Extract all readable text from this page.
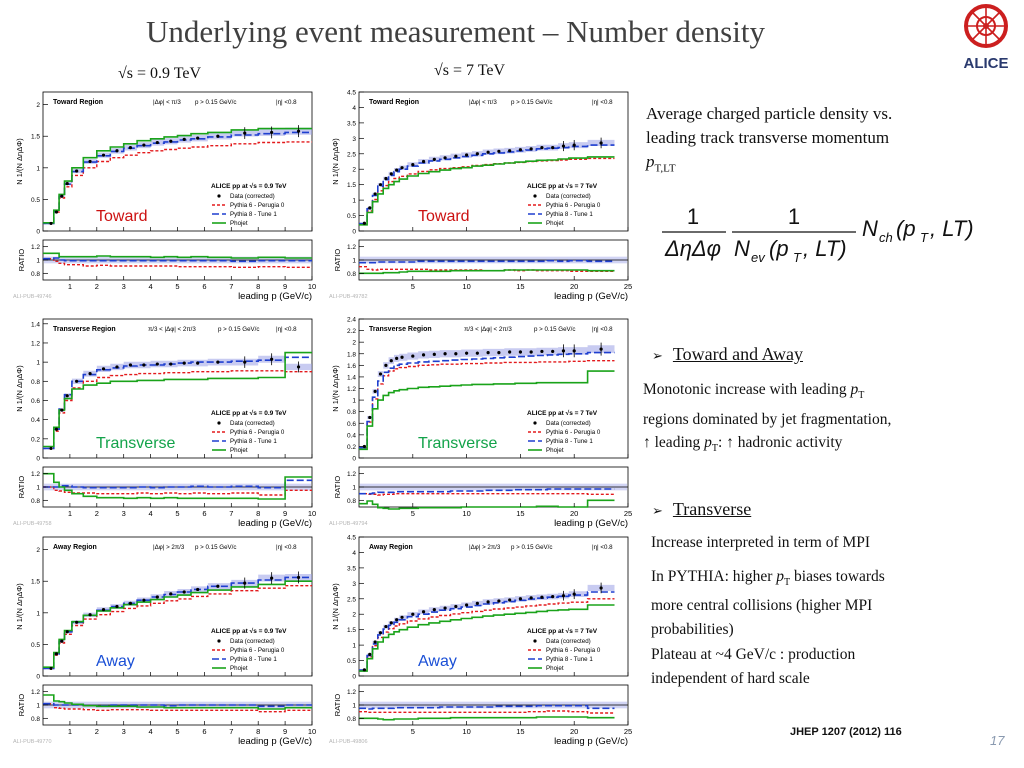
Underlying event measurement – Number density
ALICE
√s = 0.9 TeV	√s = 7 TeV
1	2	3	4	5	6	7	8	9	10
0
0.5
1
1.5
2
0.8
1
1.2
N 1/(N ΔηΔΦ)
RATIO
leading p (GeV/c)
ALI-PUB-49746
Toward Region	|Δφ| < π/3 p > 0.15 GeV/c	|η| <0.8
ALICE pp at √s = 0.9 TeV
Data (corrected)
Pythia 6 - Perugia 0
Pythia 8 - Tune 1
Phojet
Toward
5	10	15	20	25
0
0.5
1
1.5
2
2.5
3
3.5
4
4.5
0.8
1
1.2
N 1/(N ΔηΔΦ)
RATIO
leading p (GeV/c)
ALI-PUB-49782
Toward Region	|Δφ| < π/3 p > 0.15 GeV/c	|η| <0.8
ALICE pp at √s = 7 TeV
Data (corrected)
Pythia 6 - Perugia 0
Pythia 8 - Tune 1
Phojet
Toward
1	2	3	4	5	6	7	8	9	10
0
0.2
0.4
0.6
0.8
1
1.2
1.4
0.8
1
1.2
N 1/(N ΔηΔΦ)
RATIO
leading p (GeV/c)
ALI-PUB-49758
Transverse Region	π/3 < |Δφ| < 2π/3	p > 0.15 GeV/c	|η| <0.8
ALICE pp at √s = 0.9 TeV
Data (corrected)
Pythia 6 - Perugia 0
Pythia 8 - Tune 1
Phojet
Transverse
5	10	15	20	25
0
0.2
0.4
0.6
0.8
1
1.2
1.4
1.6
1.8
2
2.2
2.4
0.8
1
1.2
N 1/(N ΔηΔΦ)
RATIO
leading p (GeV/c)
ALI-PUB-49794
Transverse Region	π/3 < |Δφ| < 2π/3	p > 0.15 GeV/c	|η| <0.8
ALICE pp at √s = 7 TeV
Data (corrected)
Pythia 6 - Perugia 0
Pythia 8 - Tune 1
Phojet
Transverse
1	2	3	4	5	6	7	8	9	10
0
0.5
1
1.5
2
0.8
1
1.2
N 1/(N ΔηΔΦ)
RATIO
leading p (GeV/c)
ALI-PUB-49770
Away Region	|Δφ| > 2π/3 p > 0.15 GeV/c	|η| <0.8
ALICE pp at √s = 0.9 TeV
Data (corrected)
Pythia 6 - Perugia 0
Pythia 8 - Tune 1
Phojet
Away
5	10	15	20	25
0
0.5
1
1.5
2
2.5
3
3.5
4
4.5
0.8
1
1.2
N 1/(N ΔηΔΦ)
RATIO
leading p (GeV/c)
ALI-PUB-49806
Away Region	|Δφ| > 2π/3 p > 0.15 GeV/c	|η| <0.8
ALICE pp at √s = 7 TeV
Data (corrected)
Pythia 6 - Perugia 0
Pythia 8 - Tune 1
Phojet
Away
Average charged particle density vs.
leading track transverse momentum
$p_{T,LT}$
1
ΔηΔφ
1
N ev (p T , LT)
N ch (p T , LT)
➢ Toward and Away
Monotonic increase with leading $p_T$
regions dominated by jet fragmentation,
↑ leading $p_T$: ↑ hadronic activity
➢ Transverse
Increase interpreted in term of MPI
In PYTHIA: higher $p_T$ biases towards
more central collisions (higher MPI
probabilities)
Plateau at ~4 GeV/c : production
independent of hard scale
JHEP 1207 (2012) 116
17
